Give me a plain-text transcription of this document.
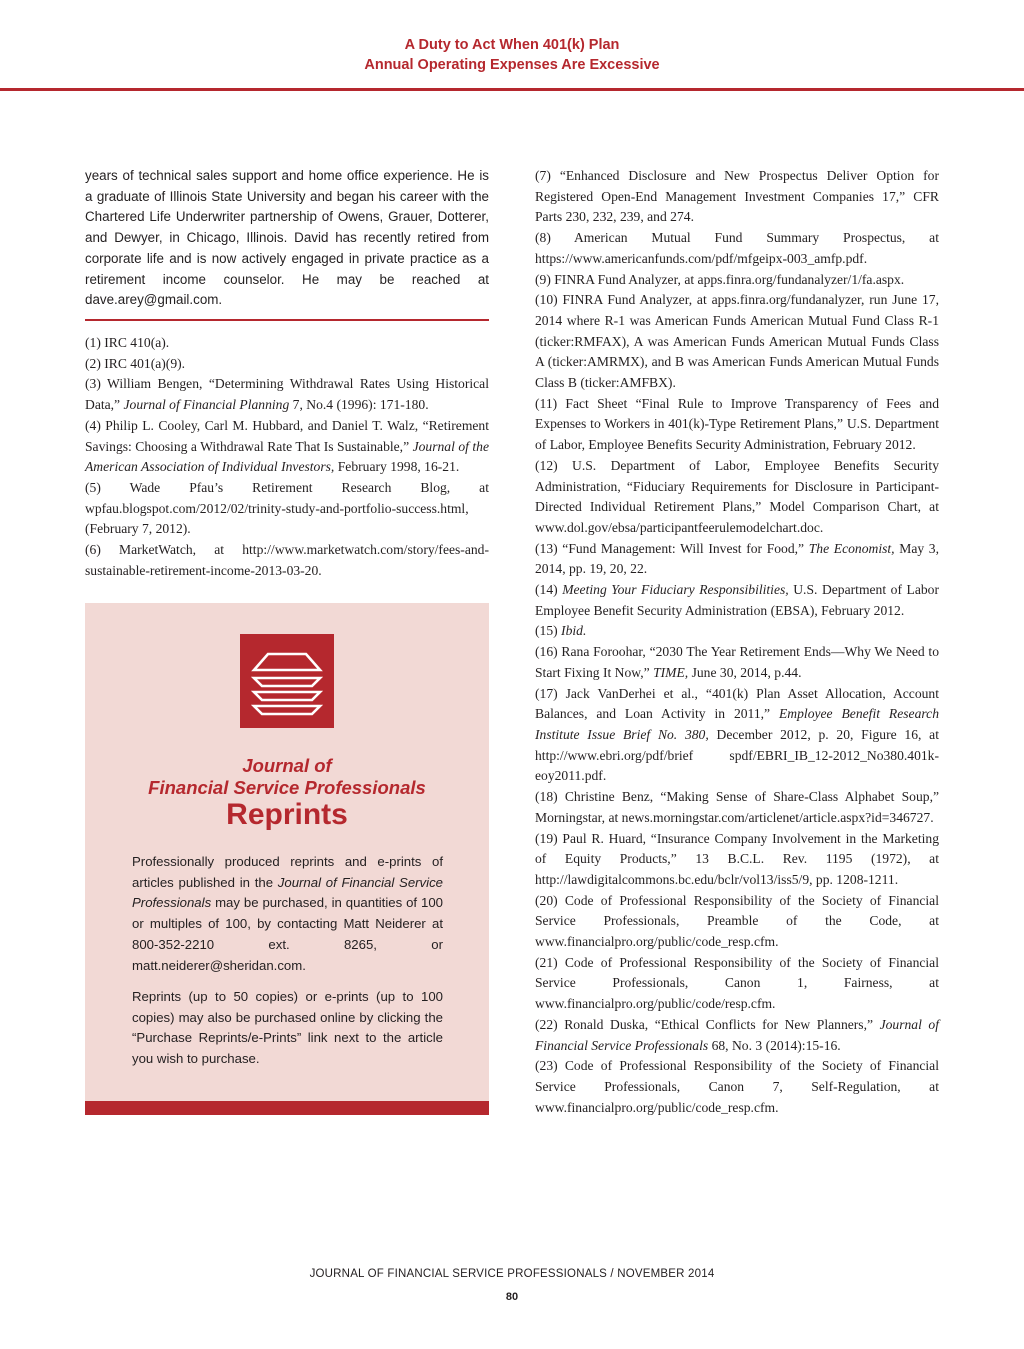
A Duty to Act When 401(k) Plan
Annual Operating Expenses Are Excessive

years of technical sales support and home office experience. He is a graduate of Illinois State University and began his career with the Chartered Life Underwriter partnership of Owens, Grauer, Dotterer, and Dewyer, in Chicago, Illinois. David has recently retired from corporate life and is now actively engaged in private practice as a retirement income counselor. He may be reached at dave.arey@gmail.com.

(1) IRC 410(a).

(2) IRC 401(a)(9).

(3) William Bengen, “Determining Withdrawal Rates Using Historical Data,” Journal of Financial Planning 7, No.4 (1996): 171-180.

(4) Philip L. Cooley, Carl M. Hubbard, and Daniel T. Walz, “Retirement Savings: Choosing a Withdrawal Rate That Is Sustainable,” Journal of the American Association of Individual Investors, February 1998, 16-21.

(5) Wade Pfau’s Retirement Research Blog, at wpfau.blogspot.com/2012/02/trinity-study-and-portfolio-success.html, (February 7, 2012).

(6) MarketWatch, at http://www.marketwatch.com/story/fees-and-sustainable-retirement-income-2013-03-20.

(7) “Enhanced Disclosure and New Prospectus Deliver Option for Registered Open-End Management Investment Companies 17,” CFR Parts 230, 232, 239, and 274.

(8) American Mutual Fund Summary Prospectus, at https://www.americanfunds.com/pdf/mfgeipx-003_amfp.pdf.

(9) FINRA Fund Analyzer, at apps.finra.org/fundanalyzer/1/fa.aspx.

(10) FINRA Fund Analyzer, at apps.finra.org/fundanalyzer, run June 17, 2014 where R-1 was American Funds American Mutual Fund Class R-1 (ticker:RMFAX), A was American Funds American Mutual Funds Class A (ticker:AMRMX), and B was American Funds American Mutual Funds Class B (ticker:AMFBX).

(11) Fact Sheet “Final Rule to Improve Transparency of Fees and Expenses to Workers in 401(k)-Type Retirement Plans,” U.S. Department of Labor, Employee Benefits Security Administration, February 2012.

(12) U.S. Department of Labor, Employee Benefits Security Administration, “Fiduciary Requirements for Disclosure in Participant-Directed Individual Retirement Plans,” Model Comparison Chart, at www.dol.gov/ebsa/participantfeerulemodelchart.doc.

(13) “Fund Management: Will Invest for Food,” The Economist, May 3, 2014, pp. 19, 20, 22.

(14) Meeting Your Fiduciary Responsibilities, U.S. Department of Labor Employee Benefit Security Administration (EBSA), February 2012.

(15) Ibid.

(16) Rana Foroohar, “2030 The Year Retirement Ends—Why We Need to Start Fixing It Now,” TIME, June 30, 2014, p.44.

(17) Jack VanDerhei et al., “401(k) Plan Asset Allocation, Account Balances, and Loan Activity in 2011,” Employee Benefit Research Institute Issue Brief No. 380, December 2012, p. 20, Figure 16, at http://www.ebri.org/pdf/brief spdf/EBRI_IB_12-2012_No380.401k-eoy2011.pdf.

(18) Christine Benz, “Making Sense of Share-Class Alphabet Soup,” Morningstar, at news.morningstar.com/articlenet/article.aspx?id=346727.

(19) Paul R. Huard, “Insurance Company Involvement in the Marketing of Equity Products,” 13 B.C.L. Rev. 1195 (1972), at http://lawdigitalcommons.bc.edu/bclr/vol13/iss5/9, pp. 1208-1211.

(20) Code of Professional Responsibility of the Society of Financial Service Professionals, Preamble of the Code, at www.financialpro.org/public/code_resp.cfm.

(21) Code of Professional Responsibility of the Society of Financial Service Professionals, Canon 1, Fairness, at www.financialpro.org/public/code/resp.cfm.

(22) Ronald Duska, “Ethical Conflicts for New Planners,” Journal of Financial Service Professionals 68, No. 3 (2014):15-16.

(23) Code of Professional Responsibility of the Society of Financial Service Professionals, Canon 7, Self-Regulation, at www.financialpro.org/public/code_resp.cfm.

Journal of
Financial Service Professionals
Reprints

Professionally produced reprints and e-prints of articles published in the Journal of Financial Service Professionals may be purchased, in quantities of 100 or multiples of 100, by contacting Matt Neiderer at 800-352-2210 ext. 8265, or matt.neiderer@sheridan.com.

Reprints (up to 50 copies) or e-prints (up to 100 copies) may also be purchased online by clicking the “Purchase Reprints/e-Prints” link next to the article you wish to purchase.

JOURNAL OF FINANCIAL SERVICE PROFESSIONALS / NOVEMBER 2014
80
